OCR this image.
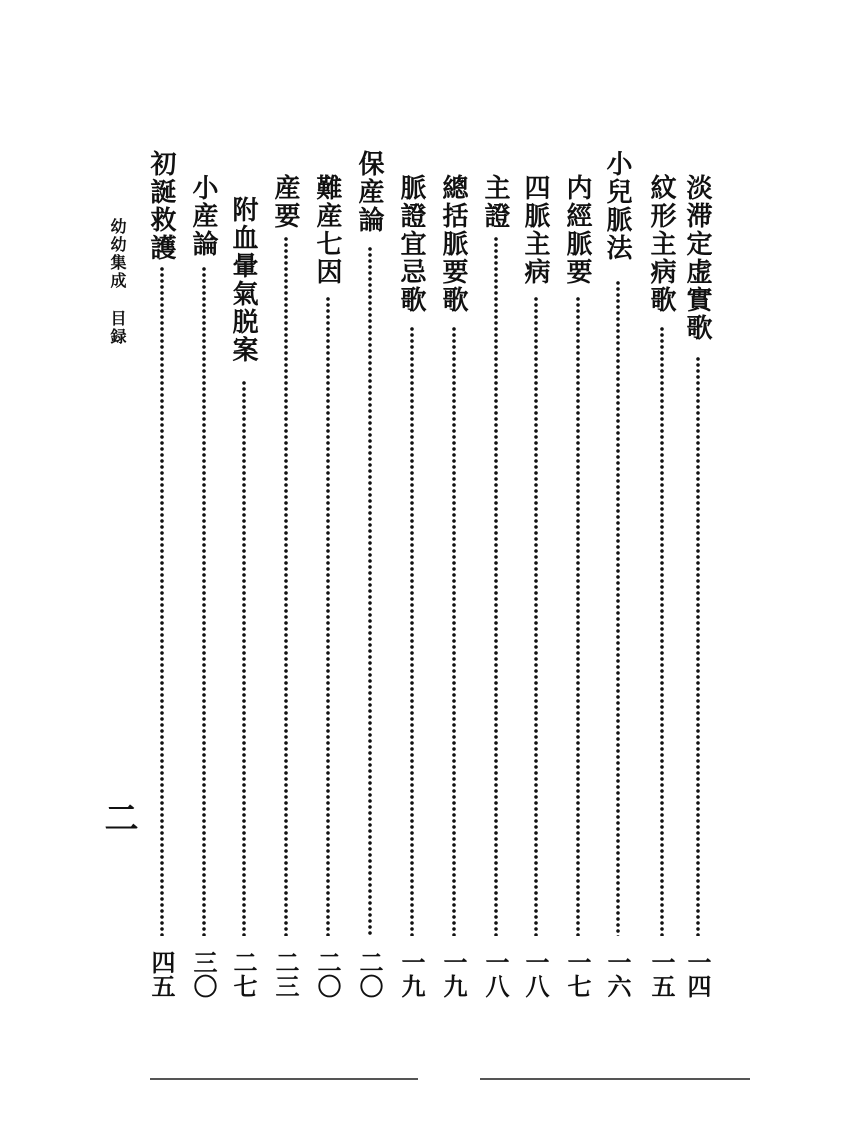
淡滞定虚實歌
一四
紋形主病歌
一五
小兒脈法
一六
内經脈要
一七
四脈主病
一八
主證
一八
總括脈要歌
一九
脈證宜忌歌
一九
保産論
二〇
難産七因
二〇
産要
二三
附血暈氣脱案
二七
小産論
三〇
初誕救護
四五
幼幼集成
目録
二
